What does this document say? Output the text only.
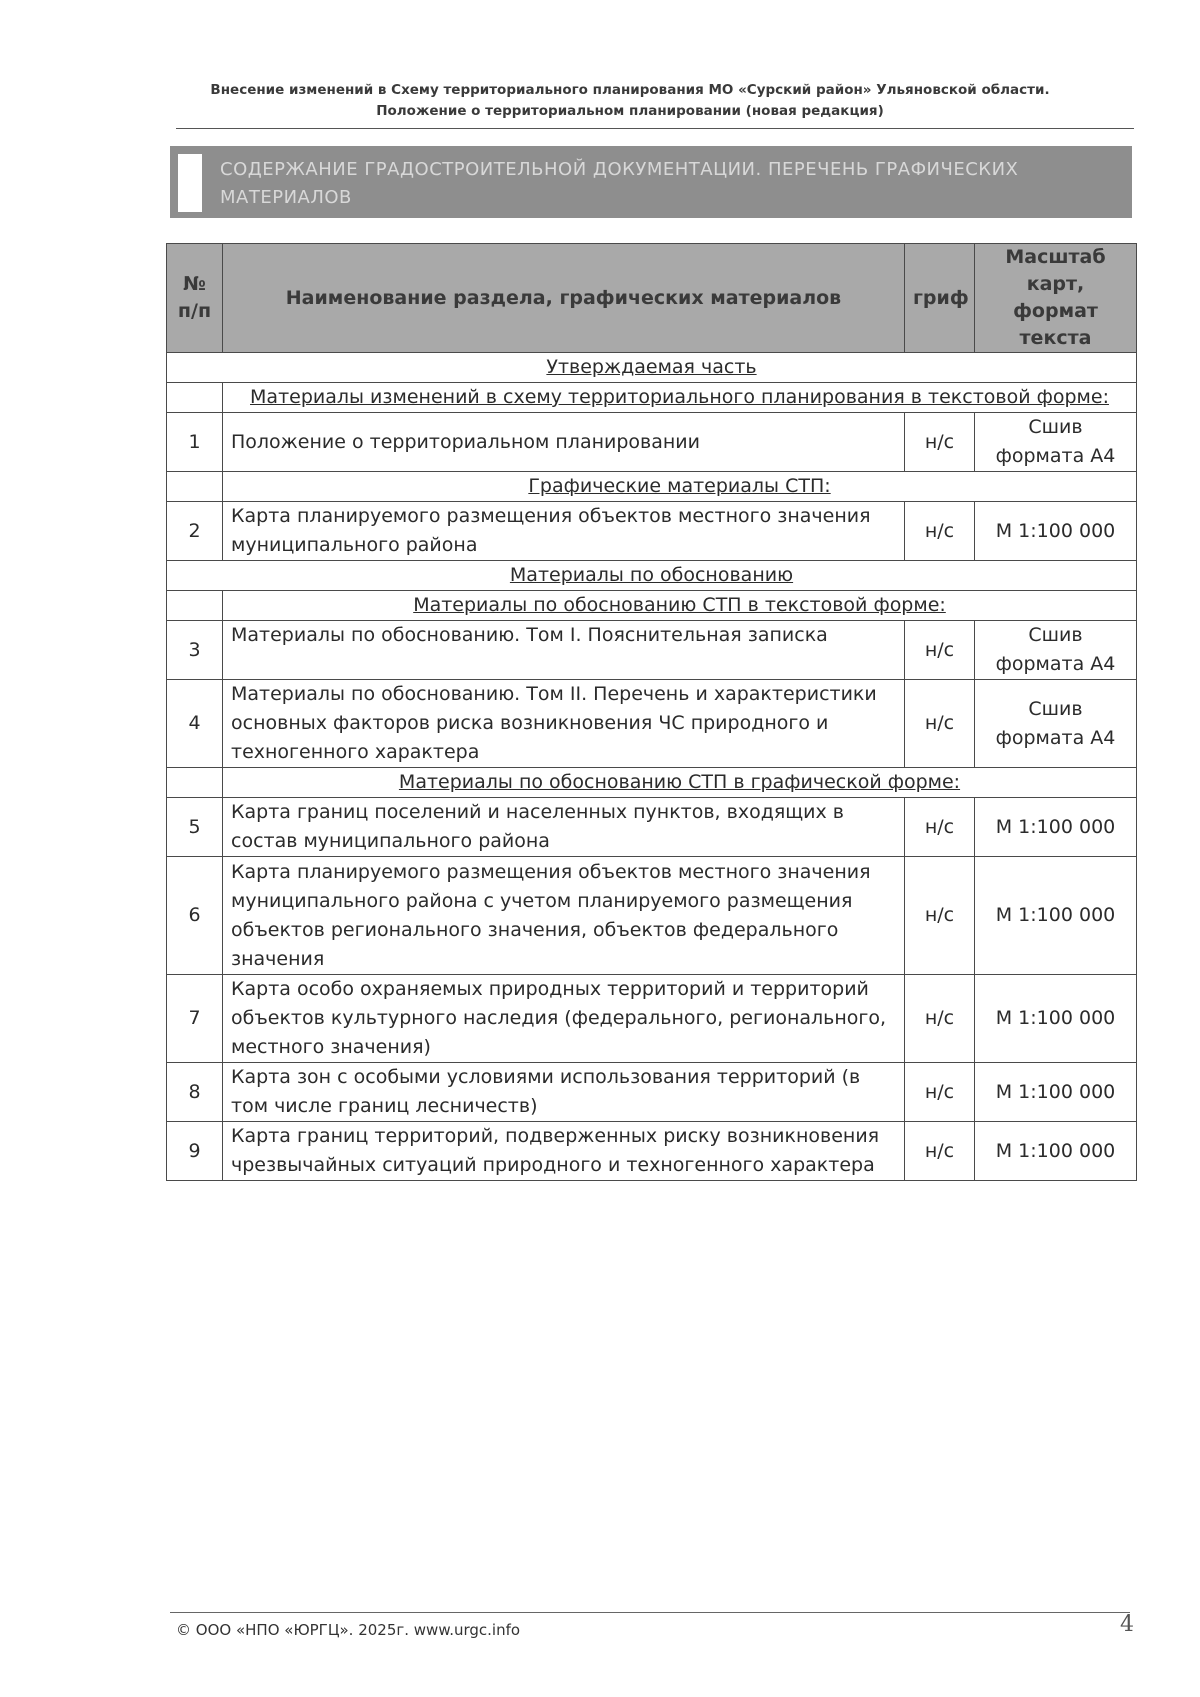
Внесение изменений в Схему территориального планирования МО «Сурский район» Ульяновской области.
Положение о территориальном планировании (новая редакция)
СОДЕРЖАНИЕ ГРАДОСТРОИТЕЛЬНОЙ ДОКУМЕНТАЦИИ. ПЕРЕЧЕНЬ ГРАФИЧЕСКИХ МАТЕРИАЛОВ
№ п/п	Наименование раздела, графических материалов	гриф	Масштаб карт, формат текста
Утверждаемая часть			
	Материалы изменений в схему территориального планирования в текстовой форме:		
1	Положение о территориальном планировании	н/с	Сшив формата А4
	Графические материалы СТП:		
2	Карта планируемого размещения объектов местного значения муниципального района	н/с	М 1:100 000
Материалы по обоснованию			
	Материалы по обоснованию СТП в текстовой форме:		
3	Материалы по обоснованию. Том I. Пояснительная записка	н/с	Сшив формата А4
4	Материалы по обоснованию. Том II. Перечень и характеристики основных факторов риска возникновения ЧС природного и техногенного характера	н/с	Сшив формата А4
	Материалы по обоснованию СТП в графической форме:		
5	Карта границ поселений и населенных пунктов, входящих в состав муниципального района	н/с	М 1:100 000
6	Карта планируемого размещения объектов местного значения муниципального района с учетом планируемого размещения объектов регионального значения, объектов федерального значения	н/с	М 1:100 000
7	Карта особо охраняемых природных территорий и территорий объектов культурного наследия (федерального, регионального, местного значения)	н/с	М 1:100 000
8	Карта зон с особыми условиями использования территорий (в том числе границ лесничеств)	н/с	М 1:100 000
9	Карта границ территорий, подверженных риску возникновения чрезвычайных ситуаций природного и техногенного характера	н/с	М 1:100 000
© ООО «НПО «ЮРГЦ». 2025г. www.urgc.info	4
